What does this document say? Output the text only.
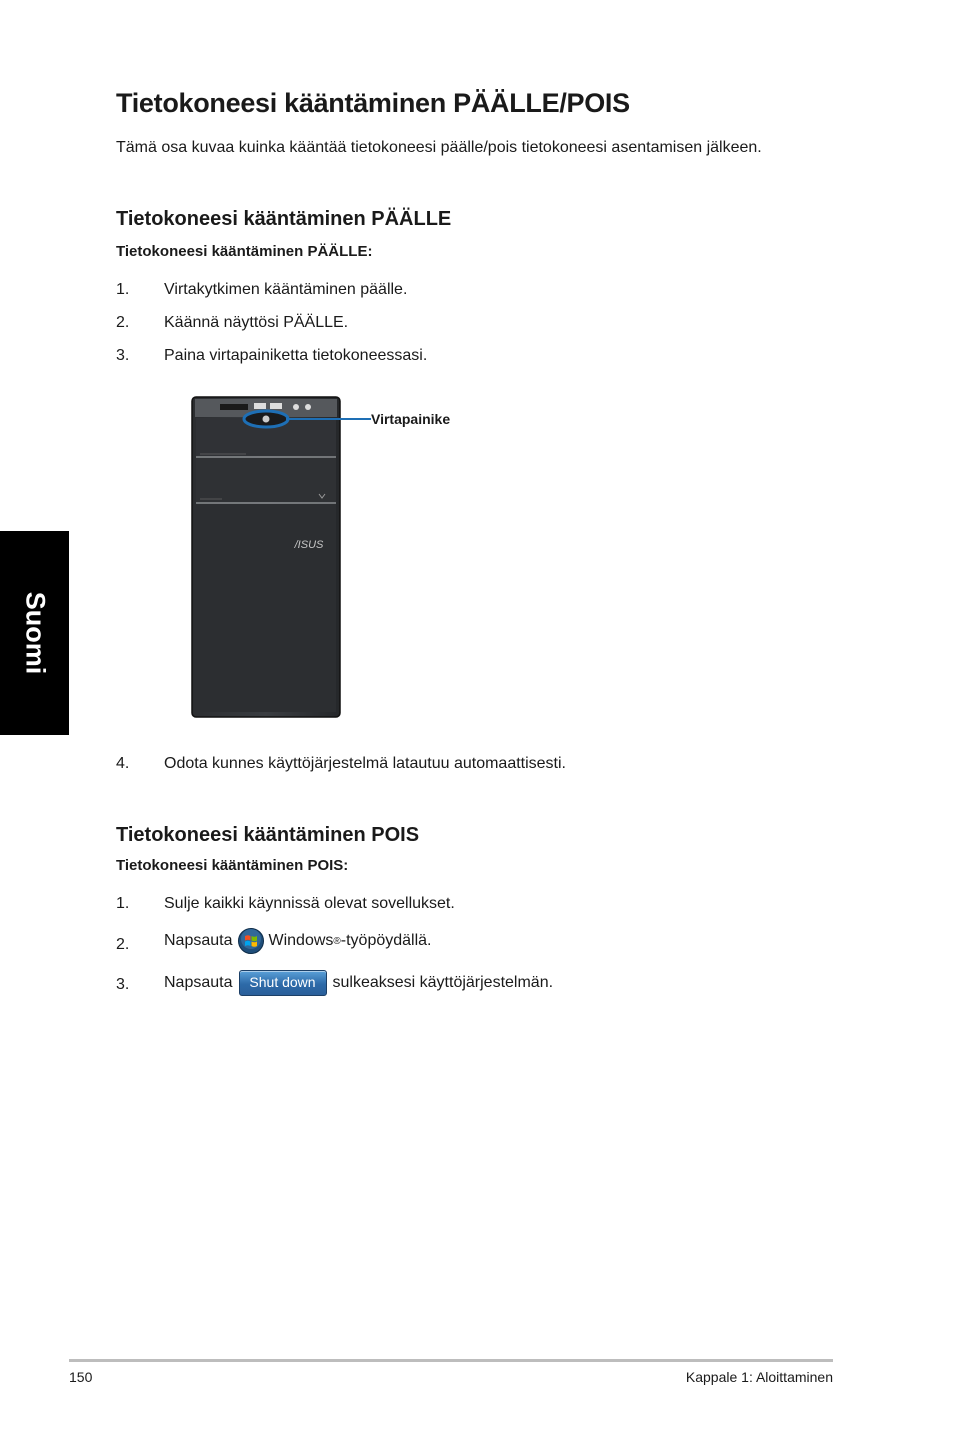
Suomi
Tietokoneesi kääntäminen PÄÄLLE/POIS
Tämä osa kuvaa kuinka kääntää tietokoneesi päälle/pois tietokoneesi asentamisen jälkeen.
Tietokoneesi kääntäminen PÄÄLLE
Tietokoneesi kääntäminen PÄÄLLE:
1.	Virtakytkimen kääntäminen päälle.
2.	Käännä näyttösi PÄÄLLE.
3.	Paina virtapainiketta tietokoneessasi.
/ISUS
Virtapainike
4.	Odota kunnes käyttöjärjestelmä latautuu automaattisesti.
Tietokoneesi kääntäminen POIS
Tietokoneesi kääntäminen POIS:
1.	Sulje kaikki käynnissä olevat sovellukset.
2.	Napsauta Windows ® -työpöydällä.
3.	Napsauta	Shut down	sulkeaksesi käyttöjärjestelmän.
150	Kappale 1: Aloittaminen
